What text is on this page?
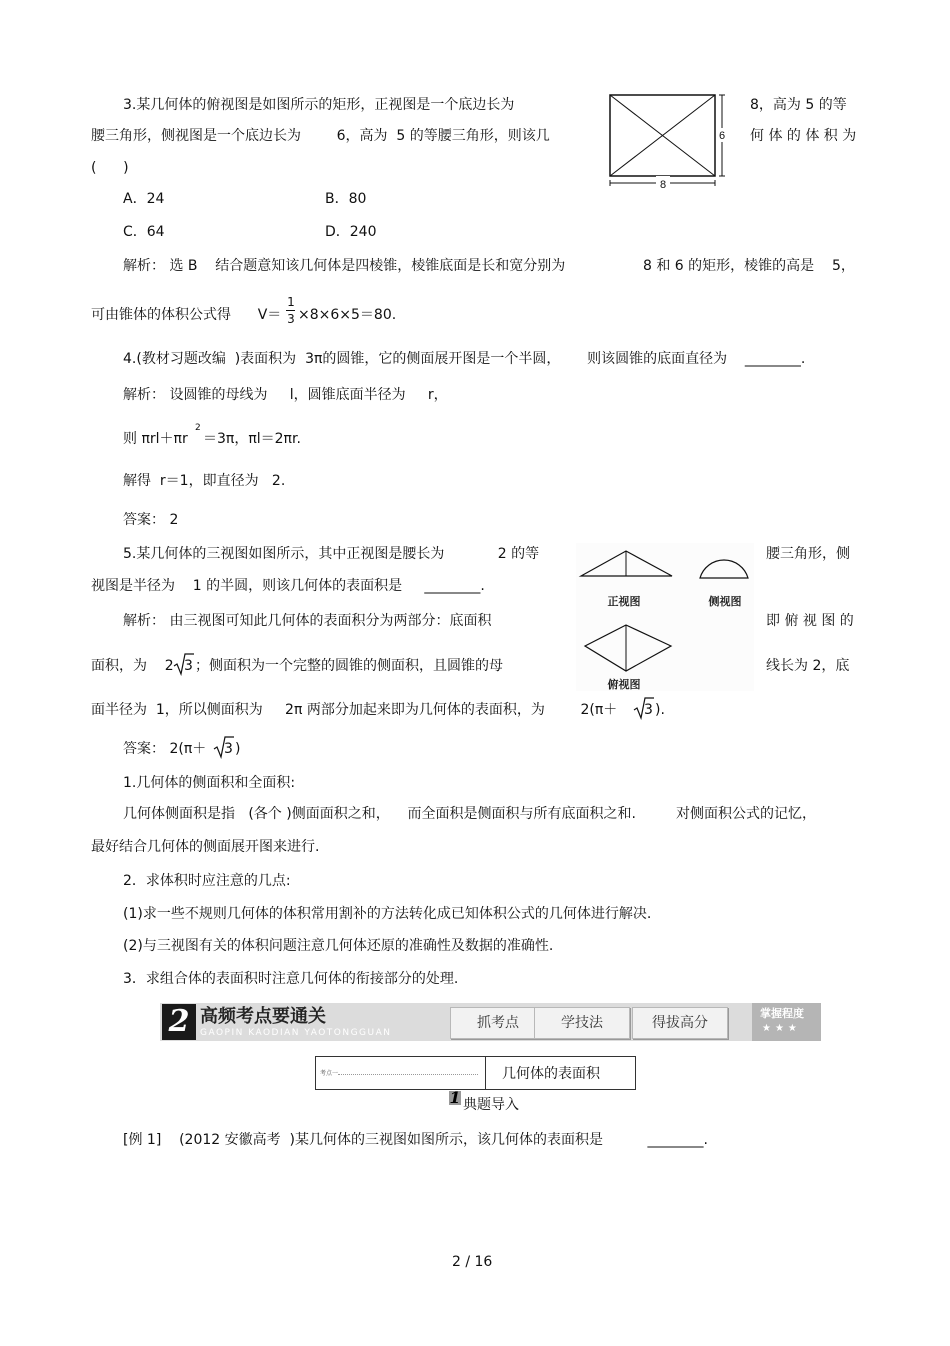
3.某几何体的俯视图是如图所示的矩形，正视图是一个底边长为	8，高为 5 的等
腰三角形，侧视图是一个底边长为        6，高为  5 的等腰三角形，则该几	何 体 的 体 积 为
(      )
6
8
A．24	B．80
C．64	D．240
解析： 选 B    结合题意知该几何体是四棱锥，棱锥底面是长和宽分别为	8 和 6 的矩形，棱锥的高是    5，
可由锥体的体积公式得      V＝
1
3 ×8×6×5＝80.
4.(教材习题改编  )表面积为  3π的圆锥，它的侧面展开图是一个半圆，      则该圆锥的底面直径为    ________.
解析： 设圆锥的母线为     l，圆锥底面半径为     r，
则 πrl＋πr
2
＝3π，πl＝2πr.
解得  r＝1，即直径为   2.
答案： 2
5.某几何体的三视图如图所示，其中正视图是腰长为            2 的等	腰三角形，侧
视图是半径为    1 的半圆，则该几何体的表面积是     ________.
解析： 由三视图可知此几何体的表面积分为两部分：底面积	即 俯 视 图 的
面积，为    2 3 ；侧面积为一个完整的圆锥的侧面积，且圆锥的母	线长为 2，底
面半径为  1，所以侧面积为     2π 两部分加起来即为几何体的表面积，为        2(π＋ 3 ).
答案： 2(π＋ 3 )
正视图	侧视图
俯视图
1.几何体的侧面积和全面积:
几何体侧面积是指   (各个 )侧面面积之和，    而全面积是侧面积与所有底面积之和.         对侧面积公式的记忆，
最好结合几何体的侧面展开图来进行.
2．求体积时应注意的几点:
(1)求一些不规则几何体的体积常用割补的方法转化成已知体积公式的几何体进行解决.
(2)与三视图有关的体积问题注意几何体还原的准确性及数据的准确性.
3．求组合体的表面积时注意几何体的衔接部分的处理.
2 高频考点要通关
GAOPIN KAODIAN YAOTONGGUAN
抓考点	学技法	得拔高分
掌握程度
★★★
考点一	几何体的表面积
1 典题导入
[例 1]    (2012 安徽高考  )某几何体的三视图如图所示，该几何体的表面积是          ________.
2 / 16
